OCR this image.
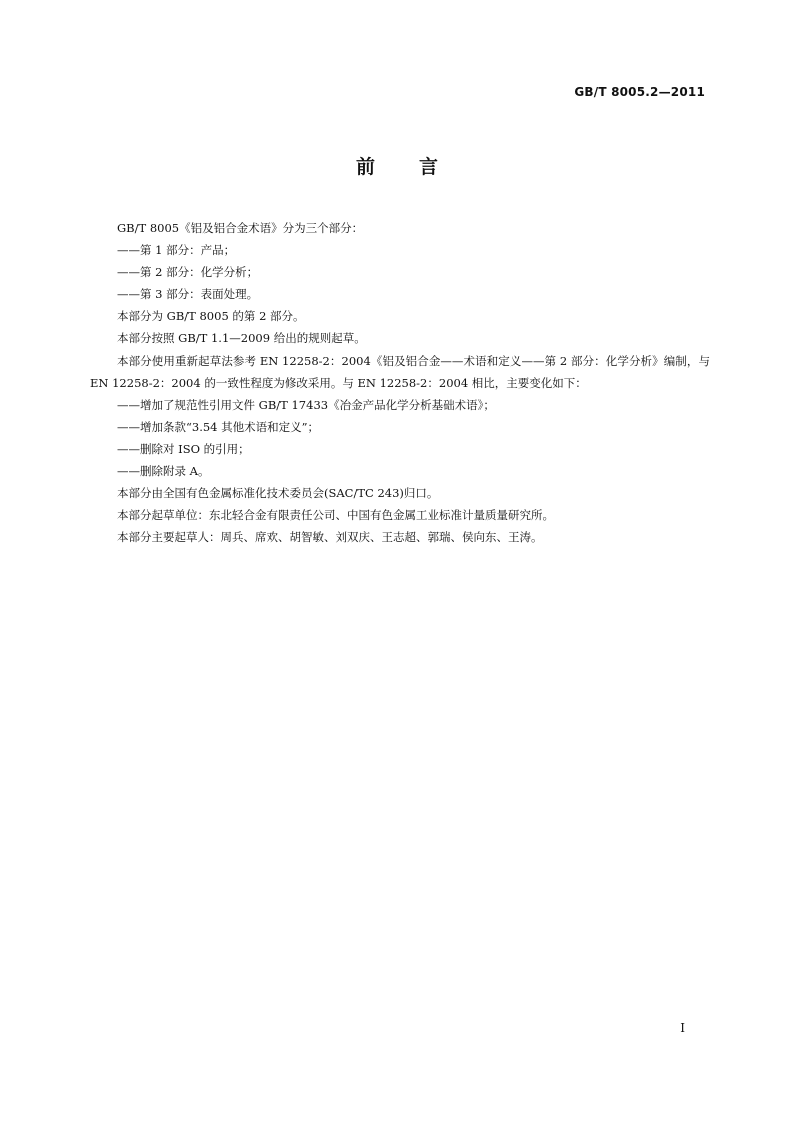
GB/T 8005.2—2011
前言

GB/T 8005《铝及铝合金术语》分为三个部分：

——第 1 部分：产品；

——第 2 部分：化学分析；

——第 3 部分：表面处理。

本部分为 GB/T 8005 的第 2 部分。

本部分按照 GB/T 1.1—2009 给出的规则起草。

本部分使用重新起草法参考 EN 12258-2：2004《铝及铝合金——术语和定义——第 2 部分：化学分析》编制，与 EN 12258-2：2004 的一致性程度为修改采用。与 EN 12258-2：2004 相比，主要变化如下：

——增加了规范性引用文件 GB/T 17433《冶金产品化学分析基础术语》；

——增加条款“3.54 其他术语和定义”；

——删除对 ISO 的引用；

——删除附录 A。

本部分由全国有色金属标准化技术委员会(SAC/TC 243)归口。

本部分起草单位：东北轻合金有限责任公司、中国有色金属工业标准计量质量研究所。

本部分主要起草人：周兵、席欢、胡智敏、刘双庆、王志超、郭瑞、侯向东、王涛。

I
